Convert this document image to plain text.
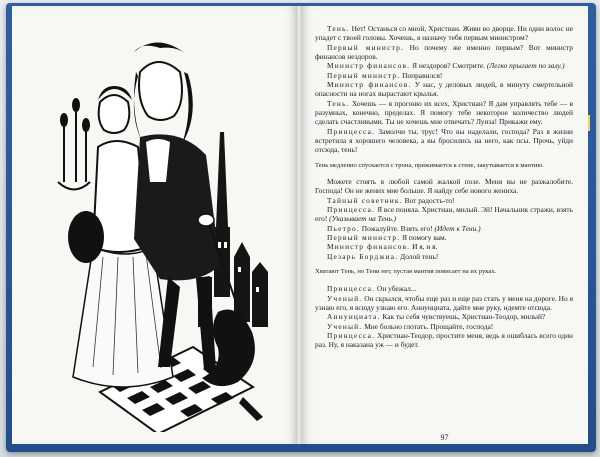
Тень. Нет! Останься со мной, Христиан. Живи во дворце. Ни один волос не упадет с твоей головы. Хочешь, я назначу тебя первым министром?

Первый министр. Но почему же именно первым? Вот министр финансов нездоров.

Министр финансов. Я нездоров? Смотрите. (Легко прыгает по залу.)

Первый министр. Поправился!

Министр финансов. У нас, у деловых людей, в минуту смертельной опасности на ногах вырастают крылья.

Тень. Хочешь — я прогоню их всех, Христиан? Я дам управлять тебе — в разумных, конечно, пределах. Я помогу тебе некоторое количество людей сделать счастливыми. Ты не хочешь мне отвечать? Луиза! Прикажи ему.

Принцесса. Замолчи ты, трус! Что вы наделали, господа? Раз в жизни встретила я хорошего человека, а вы бросились на него, как псы. Прочь, уйди отсюда, тень!

Тень медленно спускается с трона, прижимается к стене, закутывается в мантию.

Можете стоять в любой самой жалкой позе. Меня вы не разжалобите. Господа! Он не жених мне больше. Я найду себе нового жениха.

Тайный советник. Вот радость-то!

Принцесса. Я все поняла. Христиан, милый. Эй! Начальник стражи, взять его! (Указывает на Тень.)

Пьетро. Пожалуйте. Взять его! (Идет к Тени.)

Первый министр. Я помогу вам.

Министр финансов. И я, и я.

Цезарь Борджиа. Долой тень!

Хватают Тень, но Тени нет, пустая мантия повисает на их руках.

Принцесса. Он убежал...

Ученый. Он скрылся, чтобы еще раз и еще раз стать у меня на дороге. Но я узнаю его, я всюду узнаю его. Аннунциата, дайте мне руку, идемте отсюда.

Аннунциата. Как ты себя чувствуешь, Христиан-Теодор, милый?

Ученый. Мне больно глотать. Прощайте, господа!

Принцесса. Христиан-Теодор, простите меня, ведь я ошиблась всего один раз. Ну, я наказана уж — и будет.

97
